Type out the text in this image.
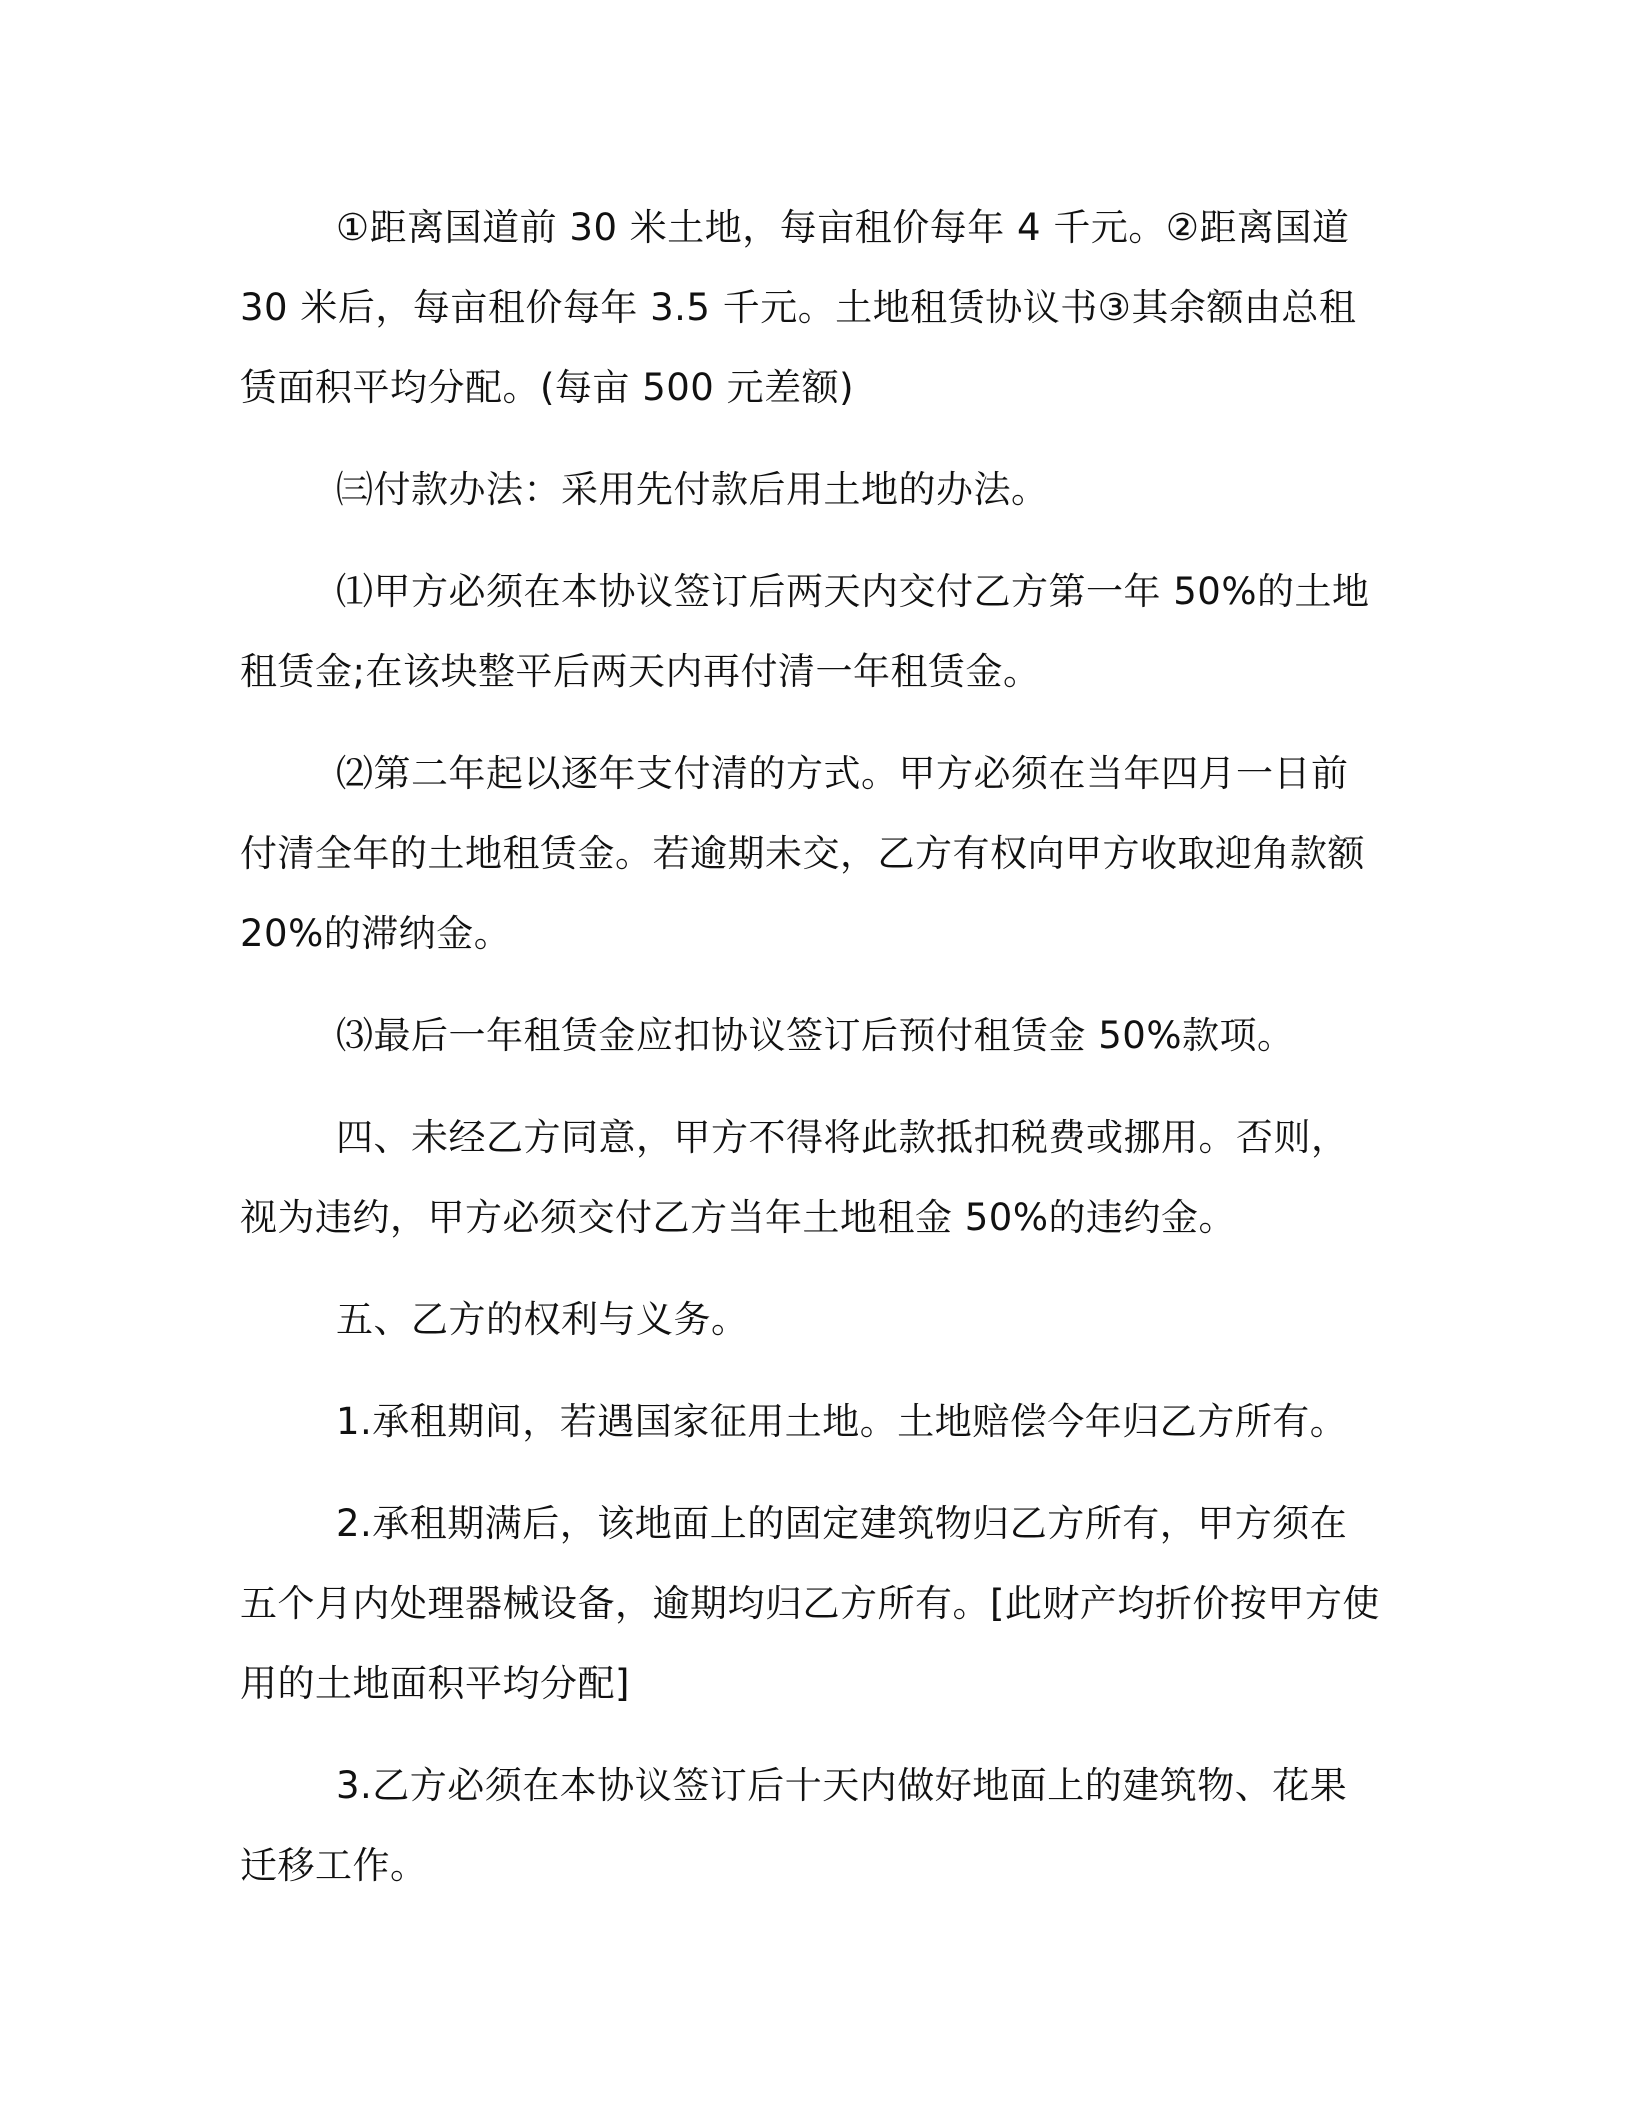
①距离国道前 30 米土地，每亩租价每年 4 千元。②距离国道 30 米后，每亩租价每年 3.5 千元。土地租赁协议书③其余额由总租赁面积平均分配。(每亩 500 元差额)

㈢付款办法：采用先付款后用土地的办法。

⑴甲方必须在本协议签订后两天内交付乙方第一年 50%的土地租赁金;在该块整平后两天内再付清一年租赁金。

⑵第二年起以逐年支付清的方式。甲方必须在当年四月一日前付清全年的土地租赁金。若逾期未交，乙方有权向甲方收取迎角款额20%的滞纳金。

⑶最后一年租赁金应扣协议签订后预付租赁金 50%款项。

四、未经乙方同意，甲方不得将此款抵扣税费或挪用。否则，视为违约，甲方必须交付乙方当年土地租金 50%的违约金。

五、乙方的权利与义务。

1.承租期间，若遇国家征用土地。土地赔偿今年归乙方所有。

2.承租期满后，该地面上的固定建筑物归乙方所有，甲方须在五个月内处理器械设备，逾期均归乙方所有。[此财产均折价按甲方使用的土地面积平均分配]

3.乙方必须在本协议签订后十天内做好地面上的建筑物、花果迁移工作。
